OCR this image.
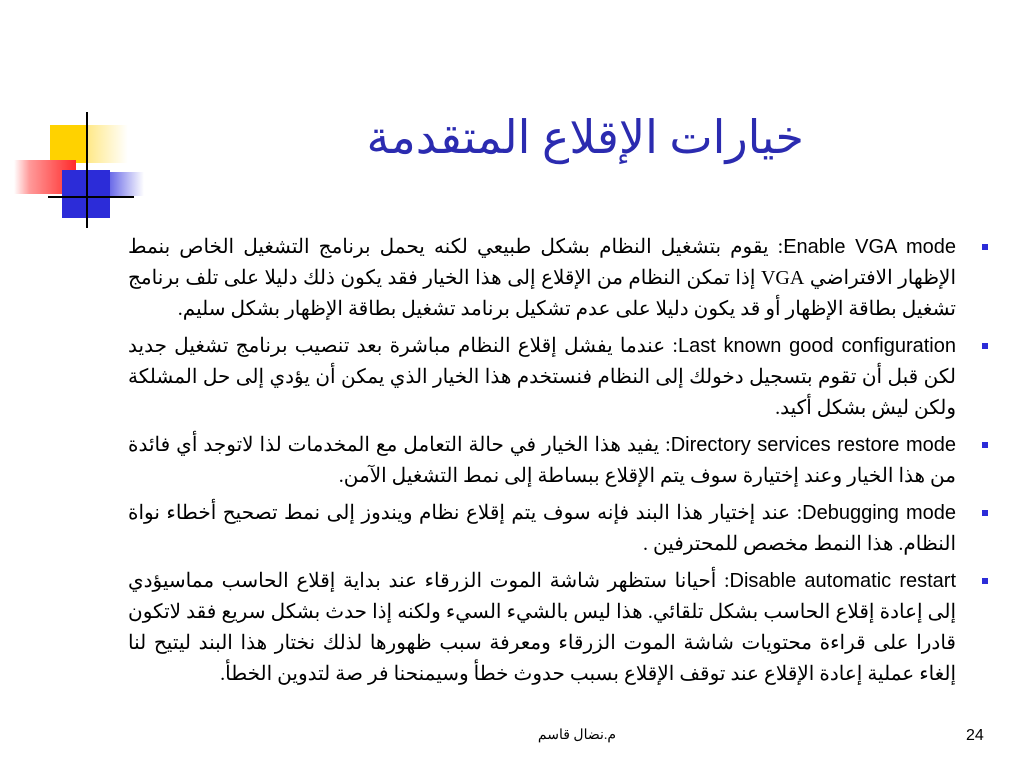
خيارات الإقلاع المتقدمة
Enable VGA mode: يقوم بتشغيل النظام بشكل طبيعي لكنه يحمل برنامج التشغيل الخاص بنمط الإظهار الافتراضي VGA إذا تمكن النظام من الإقلاع إلى هذا الخيار فقد يكون ذلك دليلا على تلف برنامج تشغيل بطاقة الإظهار أو قد يكون دليلا على عدم تشكيل برنامد تشغيل بطاقة الإظهار بشكل سليم.
Last known good configuration: عندما يفشل إقلاع النظام مباشرة بعد تنصيب برنامج تشغيل جديد لكن قبل أن تقوم بتسجيل دخولك إلى النظام فنستخدم هذا الخيار الذي يمكن أن يؤدي إلى حل المشلكة ولكن ليش بشكل أكيد.
Directory services restore mode: يفيد هذا الخيار في حالة التعامل مع المخدمات لذا لاتوجد أي فائدة من هذا الخيار وعند إختيارة سوف يتم الإقلاع ببساطة إلى نمط التشغيل الآمن.
Debugging mode: عند إختيار هذا البند فإنه سوف يتم إقلاع نظام ويندوز إلى نمط تصحيح أخطاء نواة النظام. هذا النمط مخصص للمحترفين .
Disable automatic restart: أحيانا ستظهر شاشة الموت الزرقاء عند بداية إقلاع الحاسب مماسيؤدي إلى إعادة إقلاع الحاسب بشكل تلقائي. هذا ليس بالشيء السيء ولكنه إذا حدث بشكل سريع فقد لاتكون قادرا على قراءة محتويات شاشة الموت الزرقاء ومعرفة سبب ظهورها لذلك نختار هذا البند ليتيح لنا إلغاء عملية إعادة الإقلاع عند توقف الإقلاع بسبب حدوث خطأ وسيمنحنا فر صة لتدوين الخطأ.
م.نضال قاسم	24
